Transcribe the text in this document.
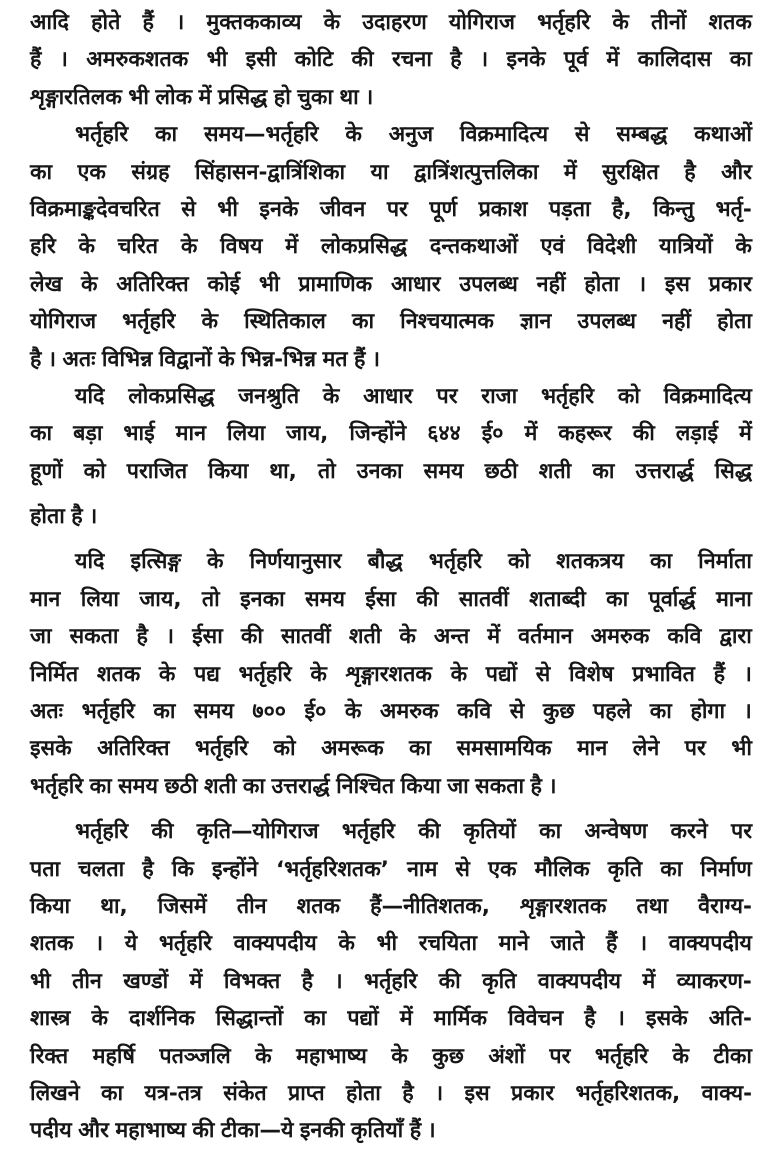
आदि होते हैं । मुक्तककाव्य के उदाहरण योगिराज भर्तृहरि के तीनों शतक
हैं । अमरुकशतक भी इसी कोटि की रचना है । इनके पूर्व में कालिदास का
शृङ्गारतिलक भी लोक में प्रसिद्ध हो चुका था ।
भर्तृहरि का समय—भर्तृहरि के अनुज विक्रमादित्य से सम्बद्ध कथाओं
का एक संग्रह सिंहासन-द्वात्रिंशिका या द्वात्रिंशत्पुत्तलिका में सुरक्षित है और
विक्रमाङ्कदेवचरित से भी इनके जीवन पर पूर्ण प्रकाश पड़ता है, किन्तु भर्तृ-
हरि के चरित के विषय में लोकप्रसिद्ध दन्तकथाओं एवं विदेशी यात्रियों के
लेख के अतिरिक्त कोई भी प्रामाणिक आधार उपलब्ध नहीं होता । इस प्रकार
योगिराज भर्तृहरि के स्थितिकाल का निश्चयात्मक ज्ञान उपलब्ध नहीं होता
है । अतः विभिन्न विद्वानों के भिन्न-भिन्न मत हैं ।
यदि लोकप्रसिद्ध जनश्रुति के आधार पर राजा भर्तृहरि को विक्रमादित्य
का बड़ा भाई मान लिया जाय, जिन्होंने ६४४ ई० में कहरूर की लड़ाई में
हूणों को पराजित किया था, तो उनका समय छठी शती का उत्तरार्द्ध सिद्ध
होता है ।
यदि इत्सिङ्ग के निर्णयानुसार बौद्ध भर्तृहरि को शतकत्रय का निर्माता
मान लिया जाय, तो इनका समय ईसा की सातवीं शताब्दी का पूर्वार्द्ध माना
जा सकता है । ईसा की सातवीं शती के अन्त में वर्तमान अमरुक कवि द्वारा
निर्मित शतक के पद्य भर्तृहरि के शृङ्गारशतक के पद्यों से विशेष प्रभावित हैं ।
अतः भर्तृहरि का समय ७०० ई० के अमरुक कवि से कुछ पहले का होगा ।
इसके अतिरिक्त भर्तृहरि को अमरूक का समसामयिक मान लेने पर भी
भर्तृहरि का समय छठी शती का उत्तरार्द्ध निश्चित किया जा सकता है ।
भर्तृहरि की कृति—योगिराज भर्तृहरि की कृतियों का अन्वेषण करने पर
पता चलता है कि इन्होंने ‘भर्तृहरिशतक’ नाम से एक मौलिक कृति का निर्माण
किया था, जिसमें तीन शतक हैं—नीतिशतक, शृङ्गारशतक तथा वैराग्य-
शतक । ये भर्तृहरि वाक्यपदीय के भी रचयिता माने जाते हैं । वाक्यपदीय
भी तीन खण्डों में विभक्त है । भर्तृहरि की कृति वाक्यपदीय में व्याकरण-
शास्त्र के दार्शनिक सिद्धान्तों का पद्यों में मार्मिक विवेचन है । इसके अति-
रिक्त महर्षि पतञ्जलि के महाभाष्य के कुछ अंशों पर भर्तृहरि के टीका
लिखने का यत्र-तत्र संकेत प्राप्त होता है । इस प्रकार भर्तृहरिशतक, वाक्य-
पदीय और महाभाष्य की टीका—ये इनकी कृतियाँ हैं ।
